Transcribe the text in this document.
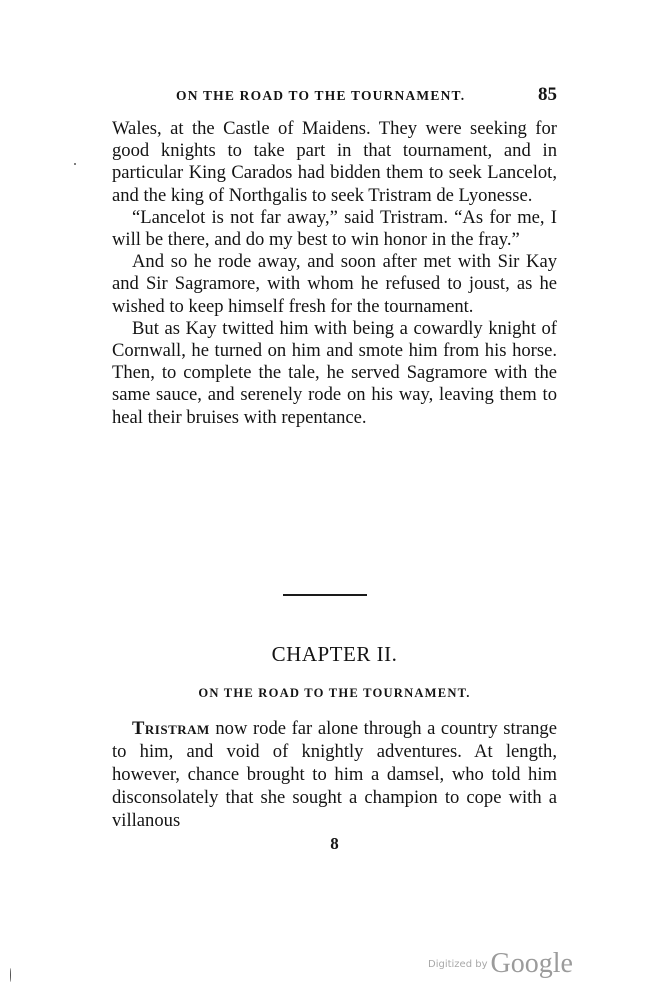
ON THE ROAD TO THE TOURNAMENT.	85

Wales, at the Castle of Maidens. They were seeking for good knights to take part in that tournament, and in particular King Carados had bidden them to seek Lancelot, and the king of Northgalis to seek Tristram de Lyonesse.

“Lancelot is not far away,” said Tristram. “As for me, I will be there, and do my best to win honor in the fray.”

And so he rode away, and soon after met with Sir Kay and Sir Sagramore, with whom he refused to joust, as he wished to keep himself fresh for the tournament.

But as Kay twitted him with being a cowardly knight of Cornwall, he turned on him and smote him from his horse. Then, to complete the tale, he served Sagramore with the same sauce, and serenely rode on his way, leaving them to heal their bruises with repentance.

CHAPTER II.
ON THE ROAD TO THE TOURNAMENT.

Tristram now rode far alone through a country strange to him, and void of knightly adventures. At length, however, chance brought to him a damsel, who told him disconsolately that she sought a champion to cope with a villanous

8
Digitized by Google
